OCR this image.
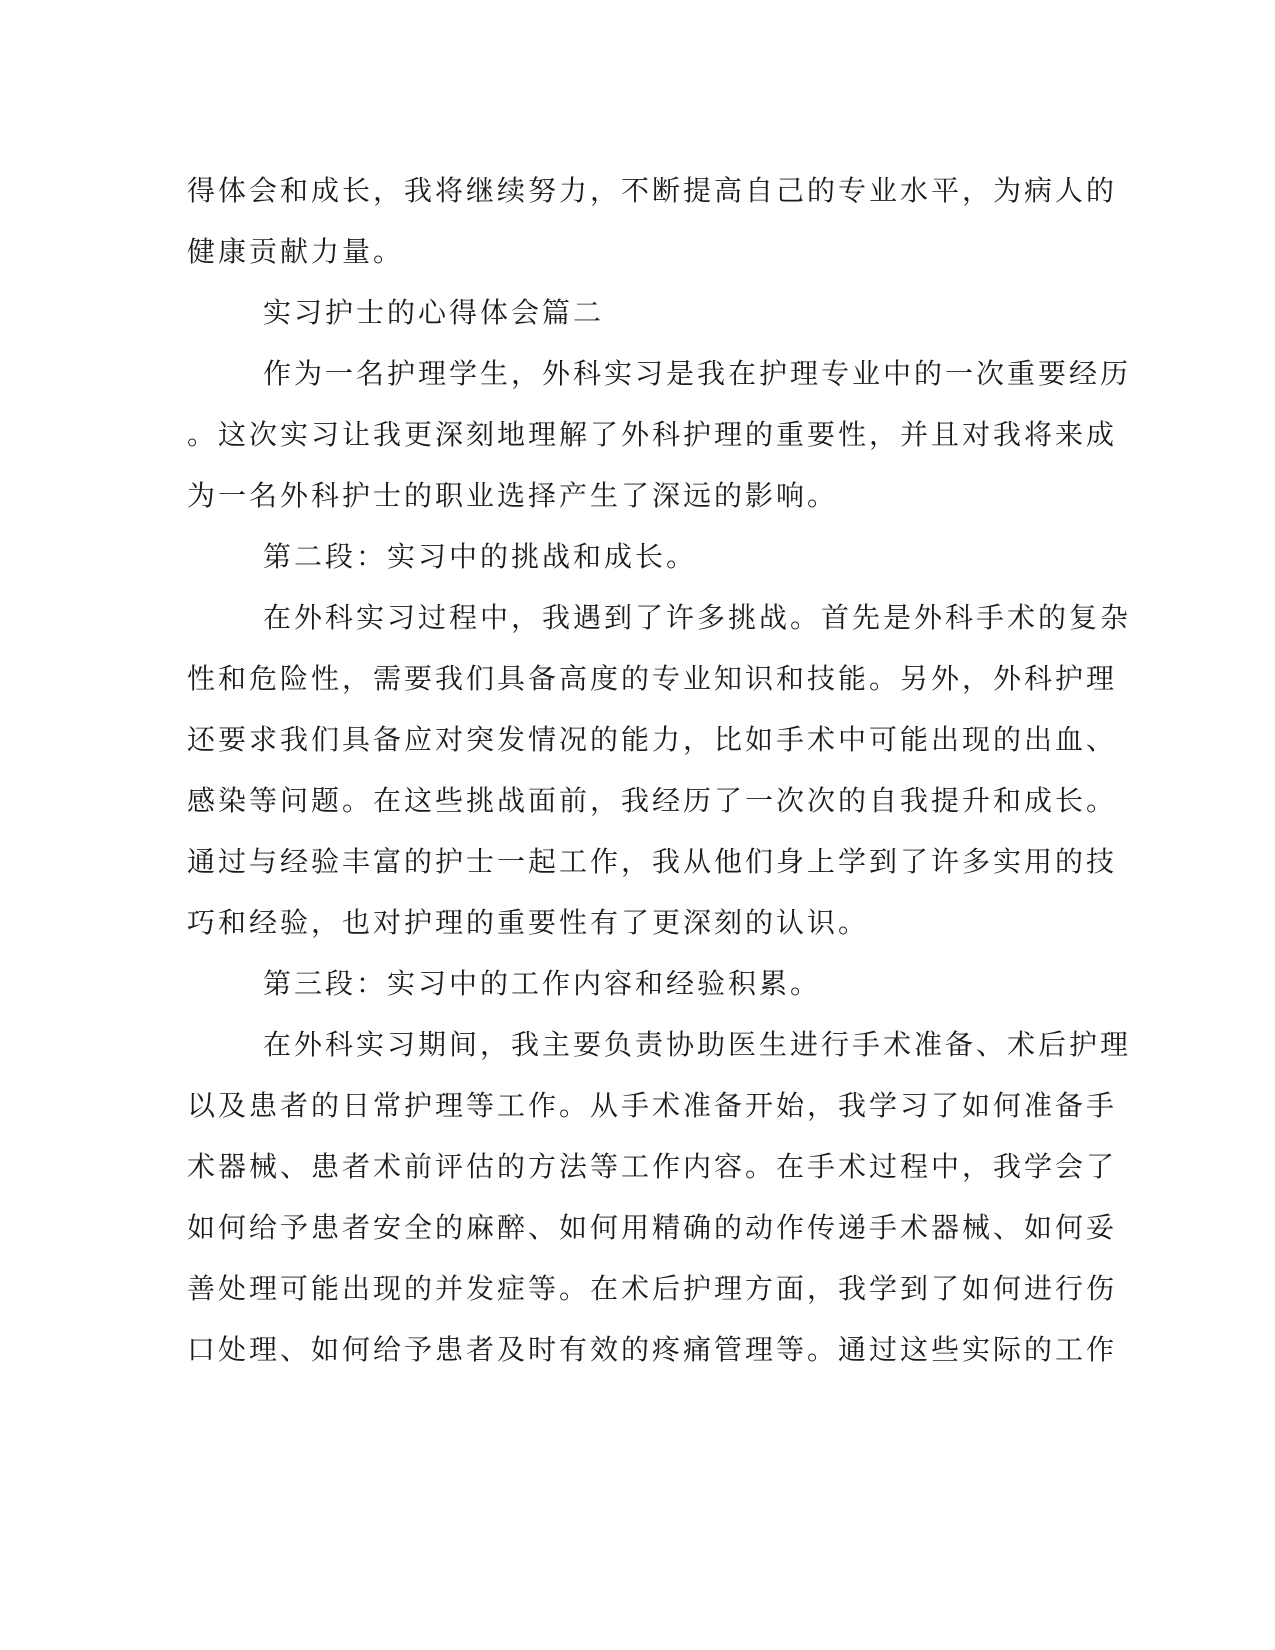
得体会和成长，我将继续努力，不断提高自己的专业水平，为病人的
健康贡献力量。
实习护士的心得体会篇二
作为一名护理学生，外科实习是我在护理专业中的一次重要经历
。这次实习让我更深刻地理解了外科护理的重要性，并且对我将来成
为一名外科护士的职业选择产生了深远的影响。
第二段：实习中的挑战和成长。
在外科实习过程中，我遇到了许多挑战。首先是外科手术的复杂
性和危险性，需要我们具备高度的专业知识和技能。另外，外科护理
还要求我们具备应对突发情况的能力，比如手术中可能出现的出血、
感染等问题。在这些挑战面前，我经历了一次次的自我提升和成长。
通过与经验丰富的护士一起工作，我从他们身上学到了许多实用的技
巧和经验，也对护理的重要性有了更深刻的认识。
第三段：实习中的工作内容和经验积累。
在外科实习期间，我主要负责协助医生进行手术准备、术后护理
以及患者的日常护理等工作。从手术准备开始，我学习了如何准备手
术器械、患者术前评估的方法等工作内容。在手术过程中，我学会了
如何给予患者安全的麻醉、如何用精确的动作传递手术器械、如何妥
善处理可能出现的并发症等。在术后护理方面，我学到了如何进行伤
口处理、如何给予患者及时有效的疼痛管理等。通过这些实际的工作
